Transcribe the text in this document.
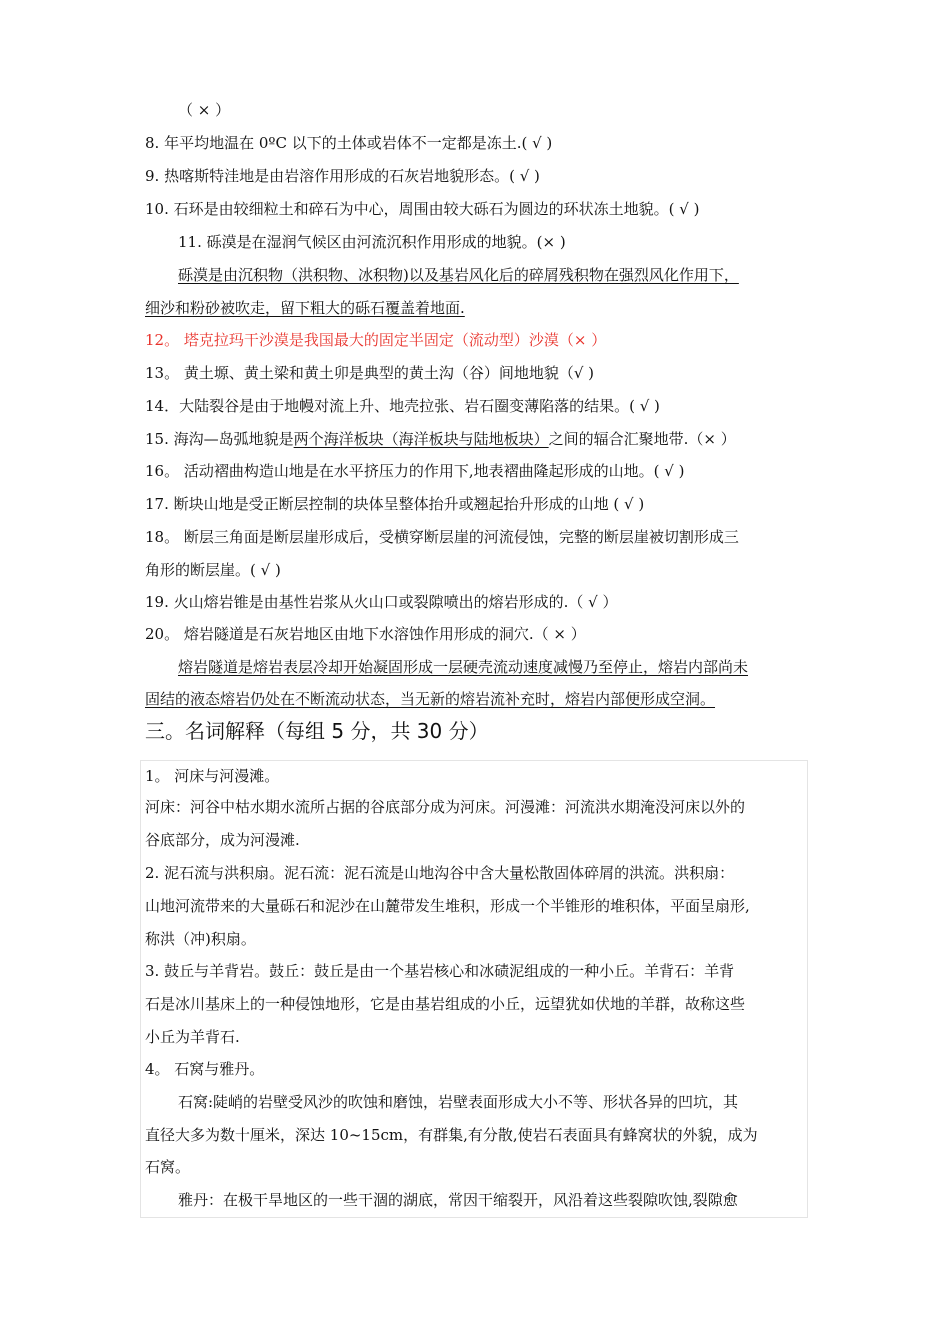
（ × ）
8. 年平均地温在 0ºC 以下的土体或岩体不一定都是冻土.( √ )
9. 热喀斯特洼地是由岩溶作用形成的石灰岩地貌形态。( √ )
10. 石环是由较细粒土和碎石为中心，周围由较大砾石为圆边的环状冻土地貌。( √ )
11. 砾漠是在湿润气候区由河流沉积作用形成的地貌。(× )
砾漠是由沉积物（洪积物、冰积物)以及基岩风化后的碎屑残积物在强烈风化作用下，
细沙和粉砂被吹走，留下粗大的砾石覆盖着地面.
12。 塔克拉玛干沙漠是我国最大的固定半固定（流动型）沙漠（× ）
13。 黄土塬、黄土梁和黄土卯是典型的黄土沟（谷）间地地貌（√ )
14．大陆裂谷是由于地幔对流上升、地壳拉张、岩石圈变薄陷落的结果。( √ )
15. 海沟—岛弧地貌是两个海洋板块（海洋板块与陆地板块）之间的辐合汇聚地带.（× ）
16。 活动褶曲构造山地是在水平挤压力的作用下,地表褶曲隆起形成的山地。( √ )
17. 断块山地是受正断层控制的块体呈整体抬升或翘起抬升形成的山地 ( √ )
18。 断层三角面是断层崖形成后，受横穿断层崖的河流侵蚀，完整的断层崖被切割形成三
角形的断层崖。( √ )
19. 火山熔岩锥是由基性岩浆从火山口或裂隙喷出的熔岩形成的.（ √ ）
20。 熔岩隧道是石灰岩地区由地下水溶蚀作用形成的洞穴.（ × ）
熔岩隧道是熔岩表层冷却开始凝固形成一层硬壳流动速度减慢乃至停止，熔岩内部尚未
固结的液态熔岩仍处在不断流动状态，当无新的熔岩流补充时，熔岩内部便形成空洞。
三。名词解释（每组 5 分，共 30 分）
1。 河床与河漫滩。
河床：河谷中枯水期水流所占据的谷底部分成为河床。河漫滩：河流洪水期淹没河床以外的
谷底部分，成为河漫滩.
2. 泥石流与洪积扇。泥石流：泥石流是山地沟谷中含大量松散固体碎屑的洪流。洪积扇：
山地河流带来的大量砾石和泥沙在山麓带发生堆积，形成一个半锥形的堆积体，平面呈扇形,
称洪（冲)积扇。
3. 鼓丘与羊背岩。鼓丘：鼓丘是由一个基岩核心和冰碛泥组成的一种小丘。羊背石：羊背
石是冰川基床上的一种侵蚀地形，它是由基岩组成的小丘，远望犹如伏地的羊群，故称这些
小丘为羊背石.
4。 石窝与雅丹。
石窝:陡峭的岩壁受风沙的吹蚀和磨蚀，岩壁表面形成大小不等、形状各异的凹坑，其
直径大多为数十厘米，深达 10~15cm，有群集,有分散,使岩石表面具有蜂窝状的外貌，成为
石窝。
雅丹：在极干旱地区的一些干涸的湖底，常因干缩裂开，风沿着这些裂隙吹蚀,裂隙愈
